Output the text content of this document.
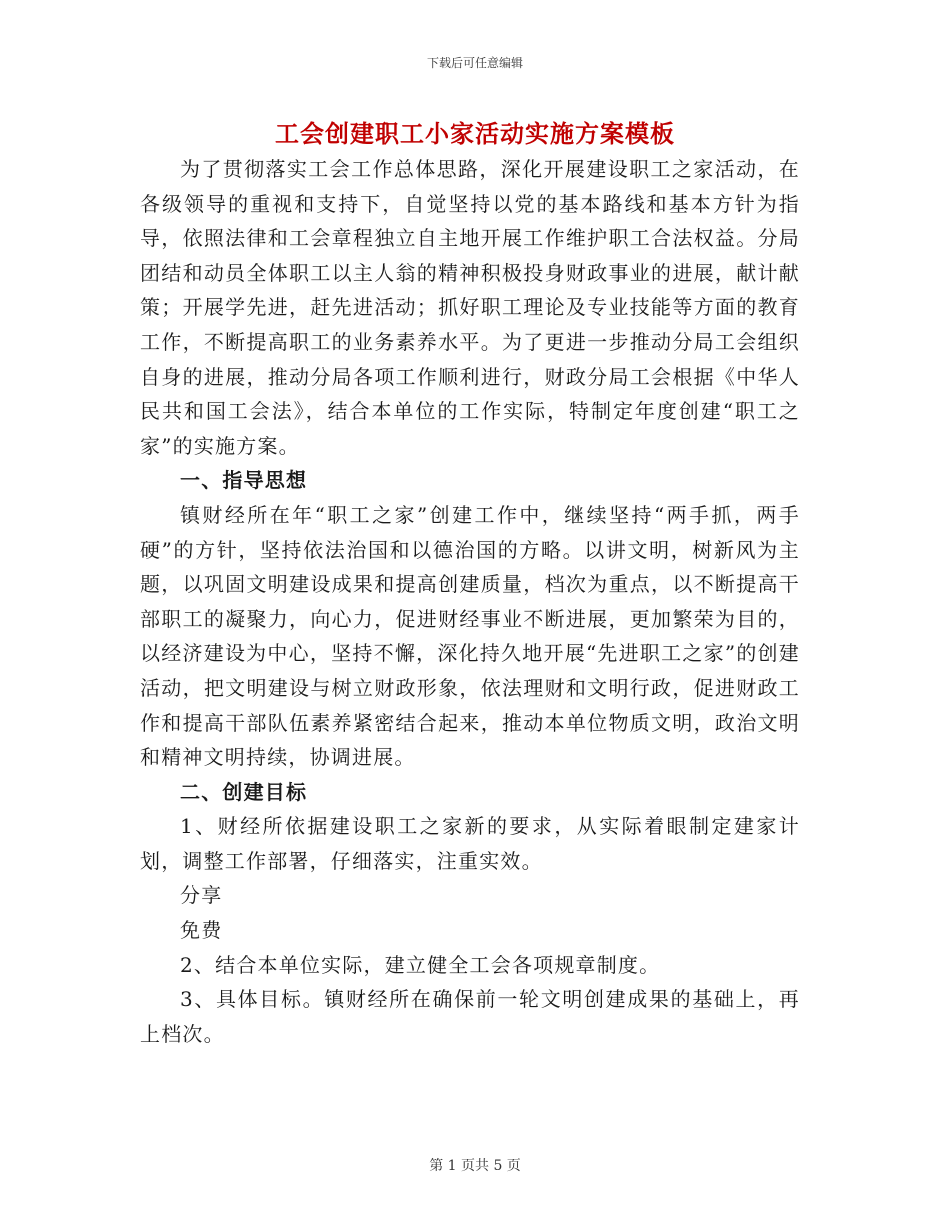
下载后可任意编辑
工会创建职工小家活动实施方案模板

为了贯彻落实工会工作总体思路，深化开展建设职工之家活动，在各级领导的重视和支持下，自觉坚持以党的基本路线和基本方针为指导，依照法律和工会章程独立自主地开展工作维护职工合法权益。分局团结和动员全体职工以主人翁的精神积极投身财政事业的进展，献计献策；开展学先进，赶先进活动；抓好职工理论及专业技能等方面的教育工作，不断提高职工的业务素养水平。为了更进一步推动分局工会组织自身的进展，推动分局各项工作顺利进行，财政分局工会根据《中华人民共和国工会法》，结合本单位的工作实际，特制定年度创建“职工之家”的实施方案。

一、指导思想

镇财经所在年“职工之家”创建工作中，继续坚持“两手抓，两手硬”的方针，坚持依法治国和以德治国的方略。以讲文明，树新风为主题，以巩固文明建设成果和提高创建质量，档次为重点，以不断提高干部职工的凝聚力，向心力，促进财经事业不断进展，更加繁荣为目的，以经济建设为中心，坚持不懈，深化持久地开展“先进职工之家”的创建活动，把文明建设与树立财政形象，依法理财和文明行政，促进财政工作和提高干部队伍素养紧密结合起来，推动本单位物质文明，政治文明和精神文明持续，协调进展。

二、创建目标

1、财经所依据建设职工之家新的要求，从实际着眼制定建家计划，调整工作部署，仔细落实，注重实效。

分享

免费

2、结合本单位实际，建立健全工会各项规章制度。

3、具体目标。镇财经所在确保前一轮文明创建成果的基础上，再上档次。

第 1 页共 5 页
